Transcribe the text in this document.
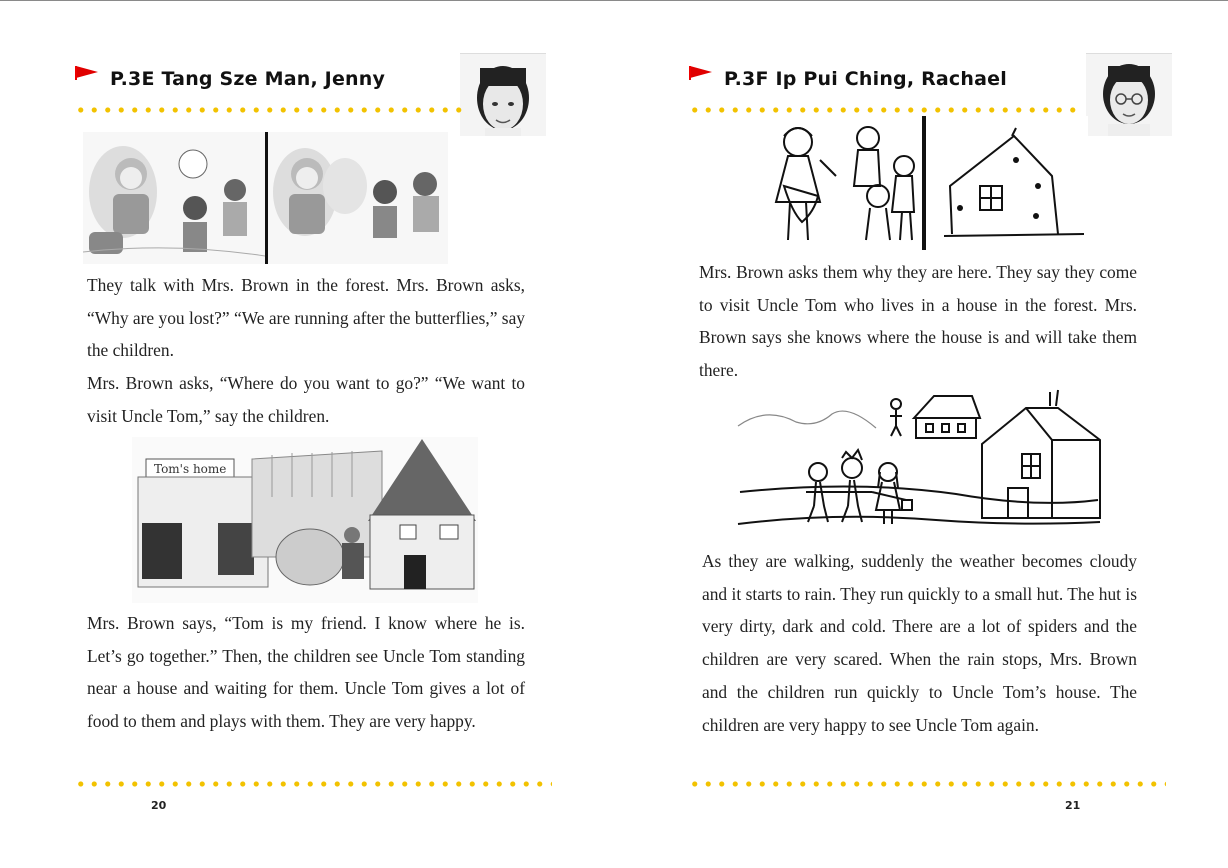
P.3E Tang Sze Man, Jenny

They talk with Mrs. Brown in the forest. Mrs. Brown asks, “Why are you lost?” “We are running after the butterflies,” say the children.

Mrs. Brown asks, “Where do you want to go?” “We want to visit Uncle Tom,” say the children.

Tom's home

Mrs. Brown says, “Tom is my friend. I know where he is. Let’s go together.” Then, the children see Uncle Tom standing near a house and waiting for them. Uncle Tom gives a lot of food to them and plays with them. They are very happy.

20
P.3F Ip Pui Ching, Rachael

Mrs. Brown asks them why they are here. They say they come to visit Uncle Tom who lives in a house in the forest. Mrs. Brown says she knows where the house is and will take them there.

As they are walking, suddenly the weather becomes cloudy and it starts to rain. They run quickly to a small hut. The hut is very dirty, dark and cold. There are a lot of spiders and the children are very scared. When the rain stops, Mrs. Brown and the children run quickly to Uncle Tom’s house. The children are very happy to see Uncle Tom again.

21
